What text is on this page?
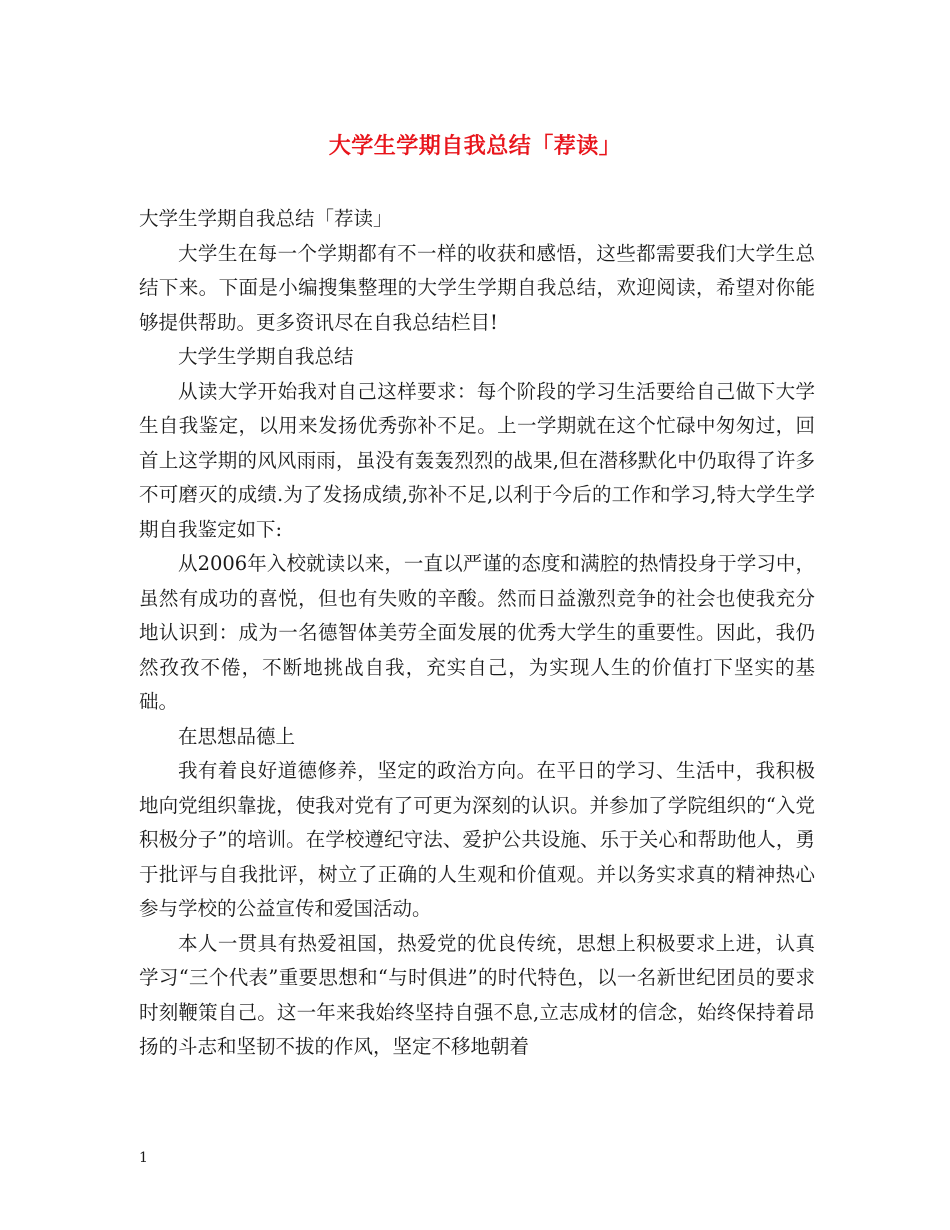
大学生学期自我总结「荐读」

大学生学期自我总结「荐读」

大学生在每一个学期都有不一样的收获和感悟，这些都需要我们大学生总结下来。下面是小编搜集整理的大学生学期自我总结，欢迎阅读，希望对你能够提供帮助。更多资讯尽在自我总结栏目!

大学生学期自我总结

从读大学开始我对自己这样要求：每个阶段的学习生活要给自己做下大学生自我鉴定，以用来发扬优秀弥补不足。上一学期就在这个忙碌中匆匆过，回首上这学期的风风雨雨，虽没有轰轰烈烈的战果,但在潜移默化中仍取得了许多不可磨灭的成绩.为了发扬成绩,弥补不足,以利于今后的工作和学习,特大学生学期自我鉴定如下:

从2006年入校就读以来，一直以严谨的态度和满腔的热情投身于学习中，虽然有成功的喜悦，但也有失败的辛酸。然而日益激烈竞争的社会也使我充分地认识到：成为一名德智体美劳全面发展的优秀大学生的重要性。因此，我仍然孜孜不倦，不断地挑战自我，充实自己，为实现人生的价值打下坚实的基础。

在思想品德上

我有着良好道德修养，坚定的政治方向。在平日的学习、生活中，我积极地向党组织靠拢，使我对党有了可更为深刻的认识。并参加了学院组织的“入党积极分子”的培训。在学校遵纪守法、爱护公共设施、乐于关心和帮助他人，勇于批评与自我批评，树立了正确的人生观和价值观。并以务实求真的精神热心参与学校的公益宣传和爱国活动。

本人一贯具有热爱祖国，热爱党的优良传统，思想上积极要求上进，认真学习“三个代表”重要思想和“与时俱进”的时代特色，以一名新世纪团员的要求时刻鞭策自己。这一年来我始终坚持自强不息,立志成材的信念，始终保持着昂扬的斗志和坚韧不拔的作风，坚定不移地朝着

1
